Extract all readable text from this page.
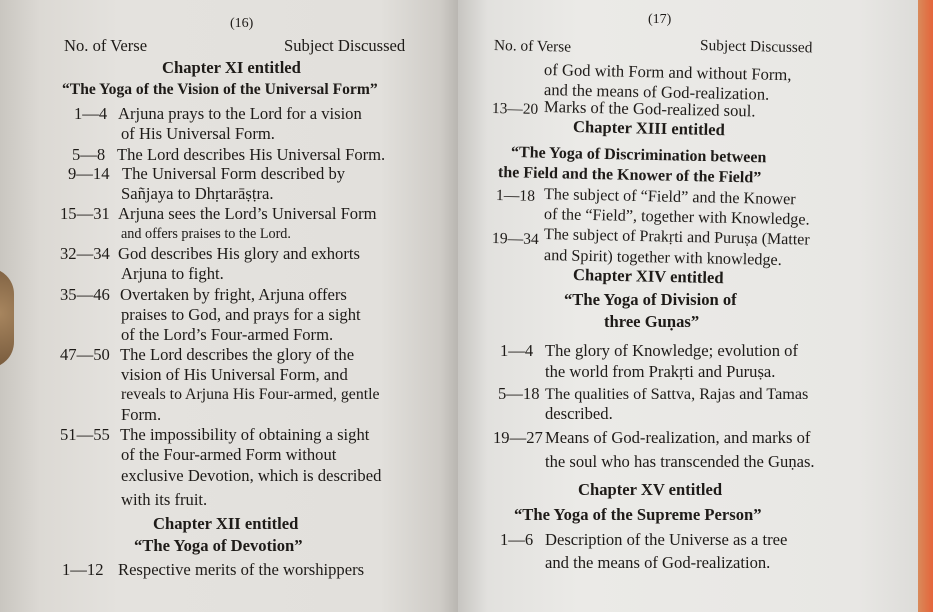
(16)
No. of Verse	Subject Discussed
Chapter XI entitled
“The Yoga of the Vision of the Universal Form”
1—4 Arjuna prays to the Lord for a vision
of His Universal Form.
5—8 The Lord describes His Universal Form.
9—14 The Universal Form described by
Sañjaya to Dhṛtarāṣṭra.
15—31 Arjuna sees the Lord’s Universal Form
and offers praises to the Lord.
32—34 God describes His glory and exhorts
Arjuna to fight.
35—46 Overtaken by fright, Arjuna offers
praises to God, and prays for a sight
of the Lord’s Four-armed Form.
47—50 The Lord describes the glory of the
vision of His Universal Form, and
reveals to Arjuna His Four-armed, gentle
Form.
51—55 The impossibility of obtaining a sight
of the Four-armed Form without
exclusive Devotion, which is described
with its fruit.
Chapter XII entitled
“The Yoga of Devotion”
1—12 Respective merits of the worshippers
(17)
No. of Verse	Subject Discussed
of God with Form and without Form,
and the means of God-realization.
13—20 Marks of the God-realized soul.
Chapter XIII entitled
“The Yoga of Discrimination between
the Field and the Knower of the Field”
1—18 The subject of “Field” and the Knower
of the “Field”, together with Knowledge.
19—34 The subject of Prakṛti and Puruṣa (Matter
and Spirit) together with knowledge.
Chapter XIV entitled
“The Yoga of Division of
three Guṇas”
1—4 The glory of Knowledge; evolution of
the world from Prakṛti and Puruṣa.
5—18 The qualities of Sattva, Rajas and Tamas
described.
19—27 Means of God-realization, and marks of
the soul who has transcended the Guṇas.
Chapter XV entitled
“The Yoga of the Supreme Person”
1—6 Description of the Universe as a tree
and the means of God-realization.
